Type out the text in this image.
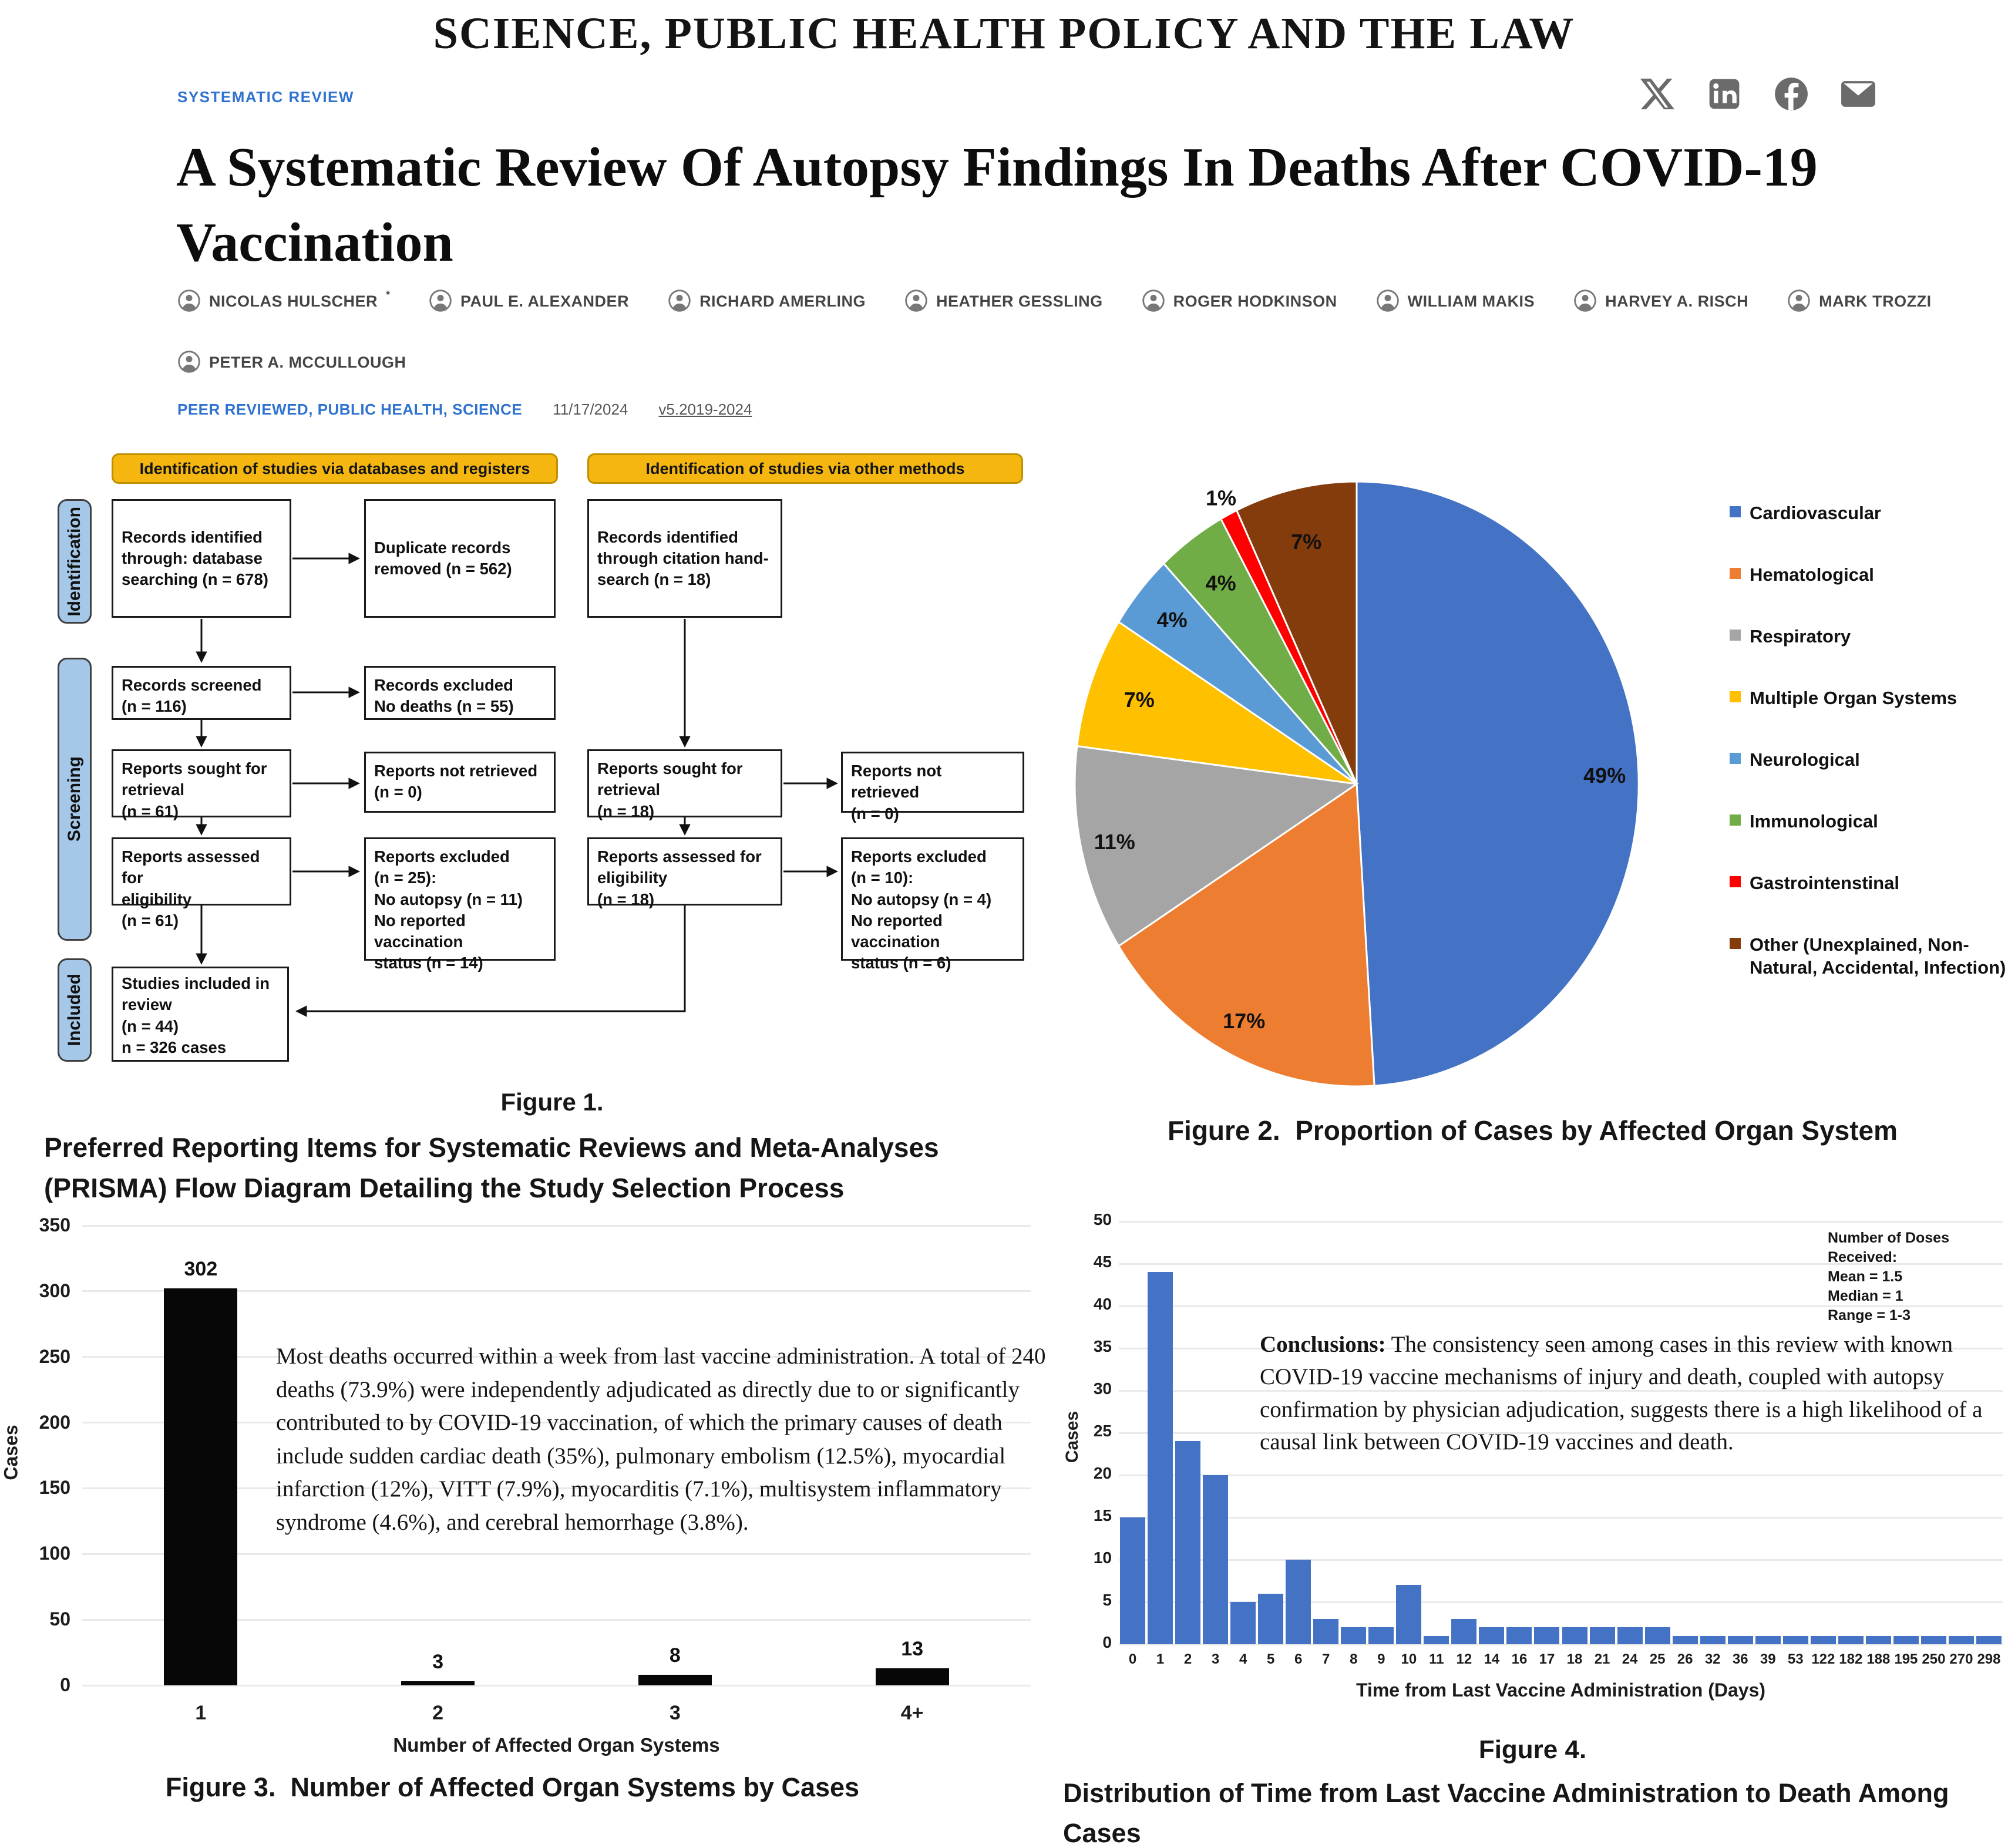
SCIENCE, PUBLIC HEALTH POLICY AND THE LAW
SYSTEMATIC REVIEW
A Systematic Review Of Autopsy Findings In Deaths After COVID-19 Vaccination
NICOLAS HULSCHER *	PAUL E. ALEXANDER	RICHARD AMERLING	HEATHER GESSLING	ROGER HODKINSON	WILLIAM MAKIS	HARVEY A. RISCH	MARK TROZZI
PETER A. MCCULLOUGH
PEER REVIEWED, PUBLIC HEALTH, SCIENCE 11/17/2024 v5.2019-2024
Identification of studies via databases and registers	Identification of studies via other methods
Identification
Screening
Included
Records identified
through: database
searching (n = 678)
Records screened
(n = 116)
Reports sought for
retrieval
(n = 61)
Reports assessed for
eligibility
(n = 61)
Studies included in
review
(n = 44)
n = 326 cases
Duplicate records
removed (n = 562)
Records excluded
No deaths (n = 55)
Reports not retrieved
(n = 0)
Reports excluded
(n = 25):
No autopsy (n = 11)
No reported vaccination
status (n = 14)
Records identified
through citation hand-
search (n = 18)
Reports sought for
retrieval
(n = 18)
Reports assessed for
eligibility
(n = 18)
Reports not retrieved
(n = 0)
Reports excluded
(n = 10):
No autopsy (n = 4)
No reported vaccination
status (n = 6)
Figure 1.
Preferred Reporting Items for Systematic Reviews and Meta-Analyses (PRISMA) Flow Diagram Detailing the Study Selection Process
49%
17%
11%
7%
4%
4%
1%
7%
Cardiovascular
Hematological
Respiratory
Multiple Organ Systems
Neurological
Immunological
Gastrointenstinal
Other (Unexplained, Non-Natural, Accidental, Infection)
Figure 2.  Proportion of Cases by Affected Organ System
Cases
0
50
100
150
200
250
300
350
302
3	8	13
1	2	3	4+
Number of Affected Organ Systems
Most deaths occurred within a week from last vaccine administration. A total of 240 deaths (73.9%) were independently adjudicated as directly due to or significantly contributed to by COVID-19 vaccination, of which the primary causes of death include sudden cardiac death (35%), pulmonary embolism (12.5%), myocardial infarction (12%), VITT (7.9%), myocarditis (7.1%), multisystem inflammatory syndrome (4.6%), and cerebral hemorrhage (3.8%).
Figure 3.  Number of Affected Organ Systems by Cases
Cases
0
5
10
15
20
25
30
35
40
45
50
0	1	2	3	4	5	6	7	8	9	10 11 12 14 16 17 18 21 24 25 26 32 36 39 53 122 182 188 195 250 270 298
Time from Last Vaccine Administration (Days)
Number of Doses Received:
Mean = 1.5
Median = 1
Range = 1-3
Conclusions: The consistency seen among cases in this review with known COVID-19 vaccine mechanisms of injury and death, coupled with autopsy confirmation by physician adjudication, suggests there is a high likelihood of a causal link between COVID-19 vaccines and death.
Figure 4.
Distribution of Time from Last Vaccine Administration to Death Among Cases
